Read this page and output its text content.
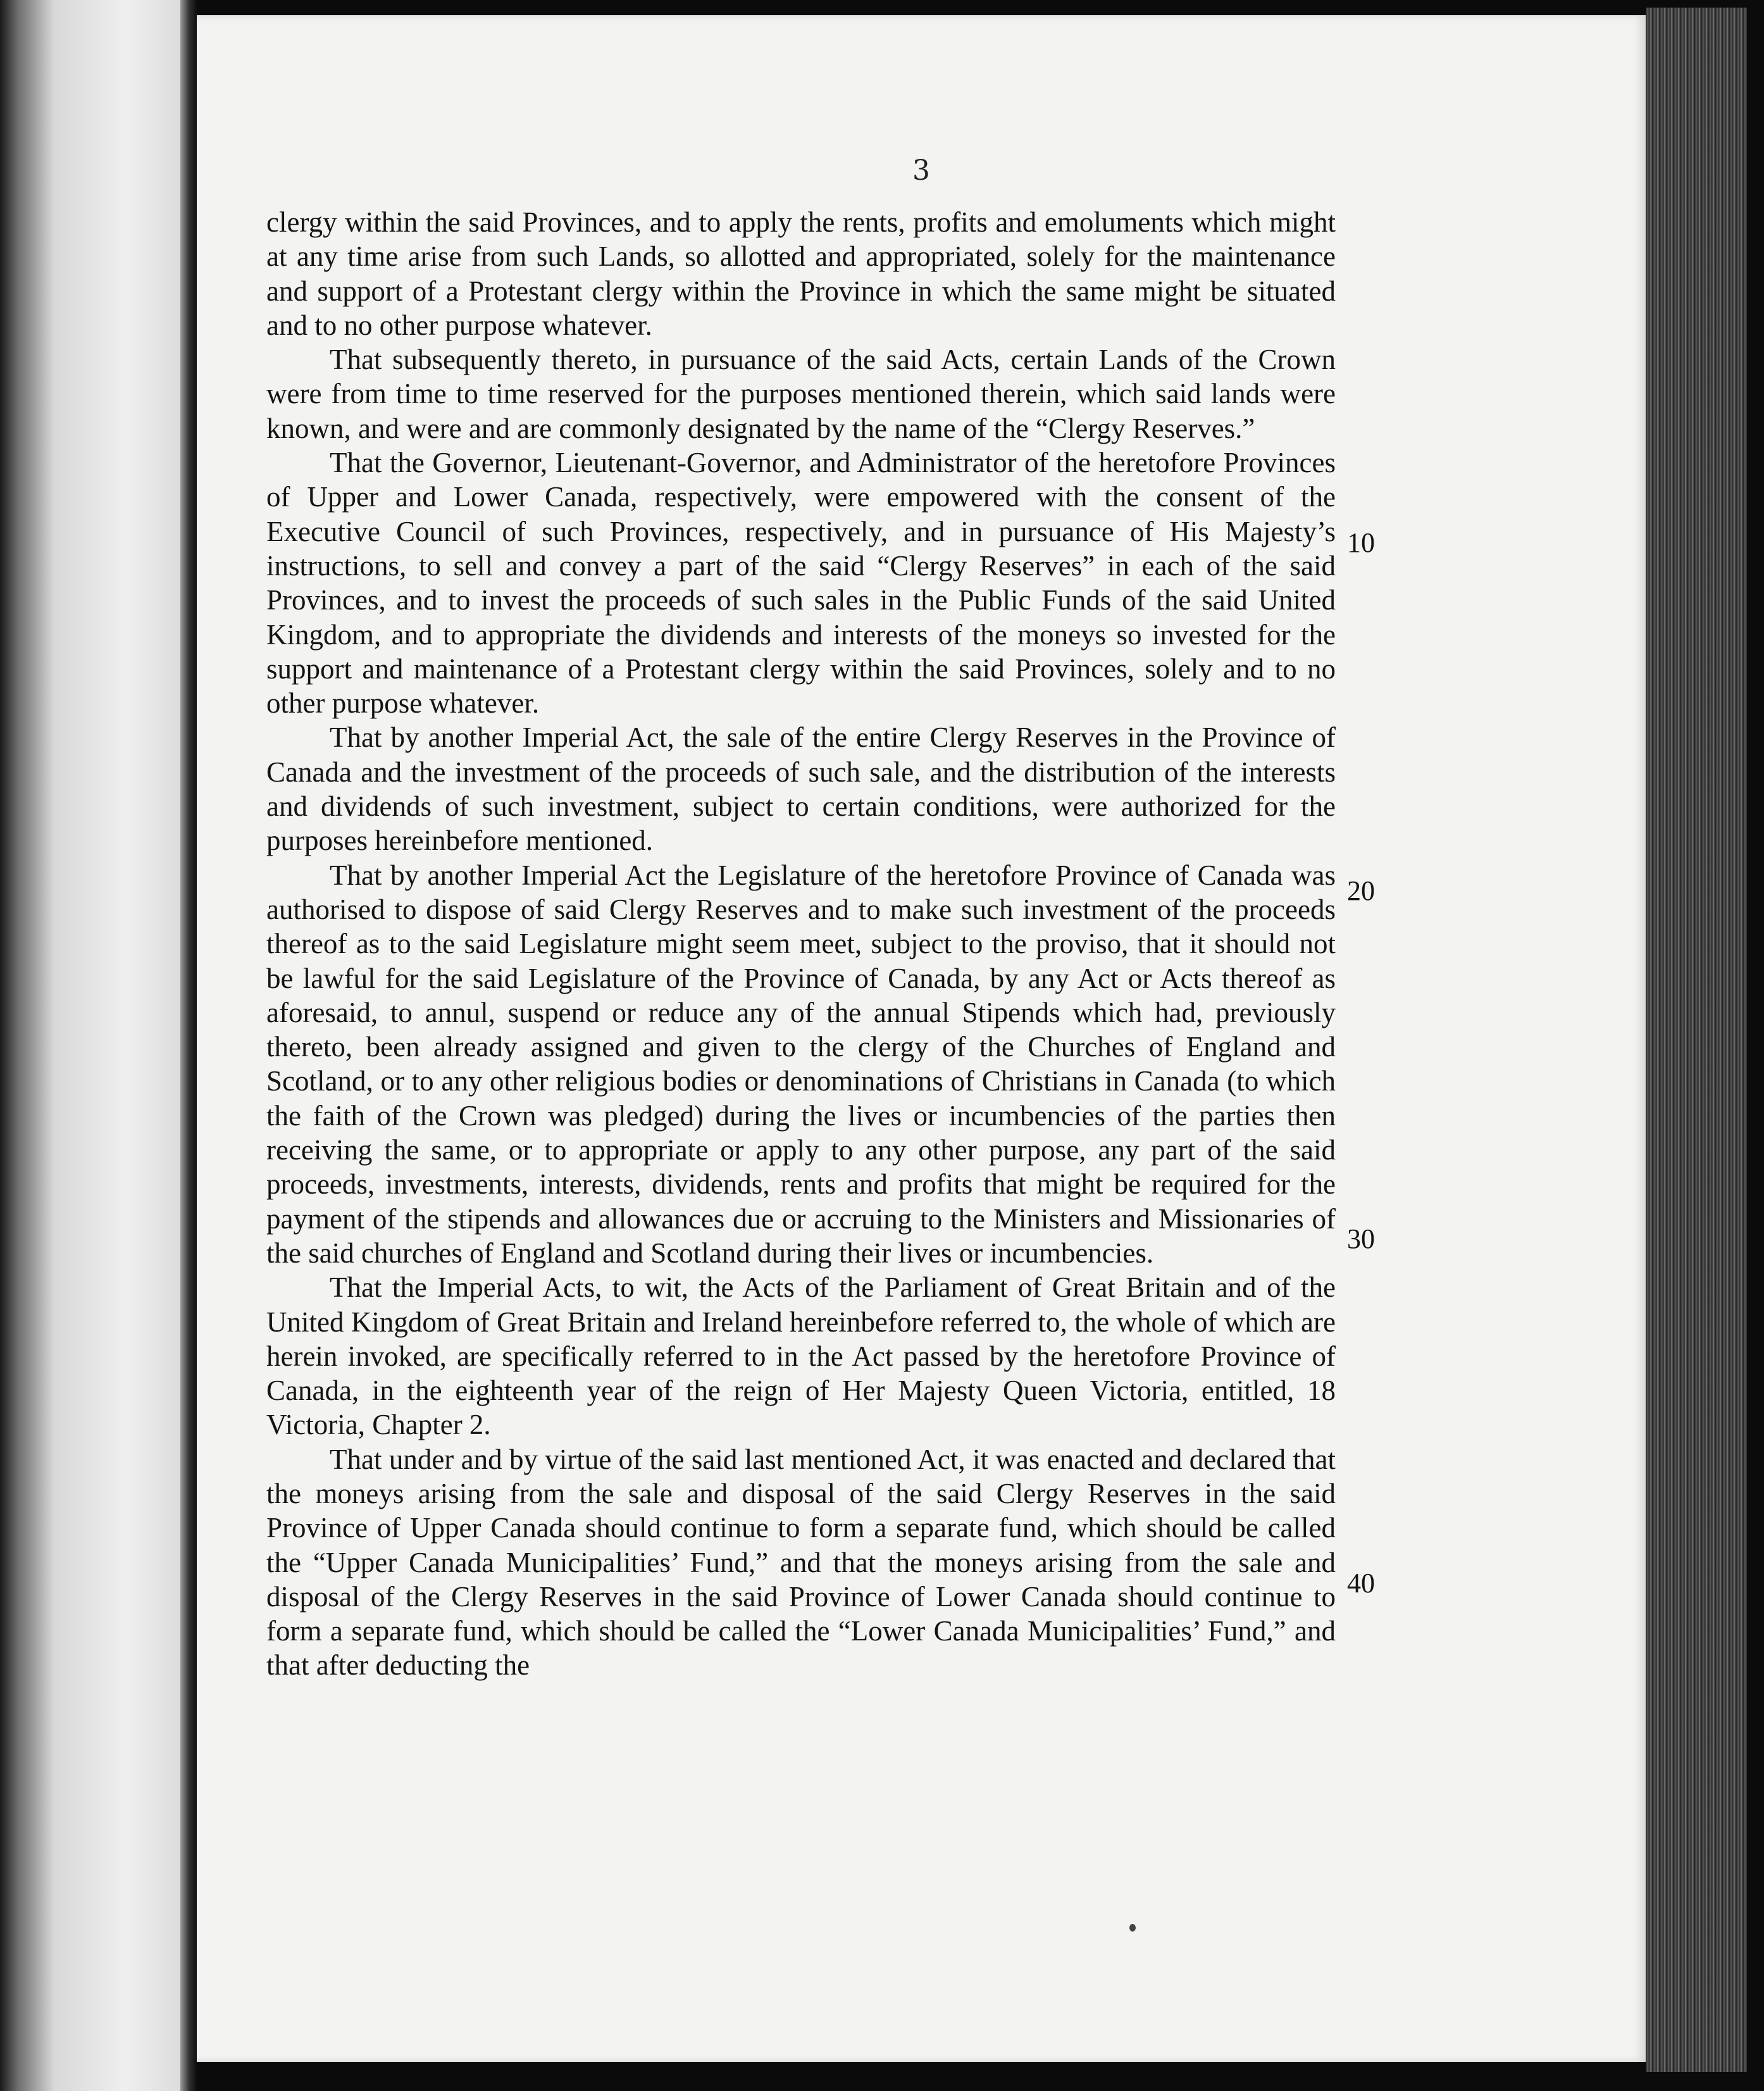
3

clergy within the said Provinces, and to apply the rents, profits and emoluments which might at any time arise from such Lands, so allotted and appropriated, solely for the maintenance and support of a Protestant clergy within the Province in which the same might be situated and to no other purpose whatever.

That subsequently thereto, in pursuance of the said Acts, certain Lands of the Crown were from time to time reserved for the purposes mentioned therein, which said lands were known, and were and are commonly designated by the name of the “Clergy Reserves.”

That the Governor, Lieutenant-Governor, and Administrator of the heretofore Provinces of Upper and Lower Canada, respectively, were empowered with the consent of the Executive Council of such Provinces, respectively, and in pursuance of His Majesty’s instructions, to sell and convey a part of the said “Clergy Reserves” in each of the said Provinces, and to invest the proceeds of such sales in the Public Funds of the said United Kingdom, and to appropriate the dividends and interests of the moneys so invested for the support and maintenance of a Protestant clergy within the said Provinces, solely and to no other purpose whatever.

That by another Imperial Act, the sale of the entire Clergy Reserves in the Province of Canada and the investment of the proceeds of such sale, and the distribution of the interests and dividends of such investment, subject to certain conditions, were authorized for the purposes hereinbefore mentioned.

That by another Imperial Act the Legislature of the heretofore Province of Canada was authorised to dispose of said Clergy Reserves and to make such investment of the proceeds thereof as to the said Legislature might seem meet, subject to the proviso, that it should not be lawful for the said Legislature of the Province of Canada, by any Act or Acts thereof as aforesaid, to annul, suspend or reduce any of the annual Stipends which had, previously thereto, been already assigned and given to the clergy of the Churches of England and Scotland, or to any other religious bodies or denominations of Christians in Canada (to which the faith of the Crown was pledged) during the lives or incumbencies of the parties then receiving the same, or to appropriate or apply to any other purpose, any part of the said proceeds, investments, interests, dividends, rents and profits that might be required for the payment of the stipends and allowances due or accruing to the Ministers and Missionaries of the said churches of England and Scotland during their lives or incumbencies.

That the Imperial Acts, to wit, the Acts of the Parliament of Great Britain and of the United Kingdom of Great Britain and Ireland hereinbefore referred to, the whole of which are herein invoked, are specifically referred to in the Act passed by the heretofore Province of Canada, in the eighteenth year of the reign of Her Majesty Queen Victoria, entitled, 18 Victoria, Chapter 2.

That under and by virtue of the said last mentioned Act, it was enacted and declared that the moneys arising from the sale and disposal of the said Clergy Reserves in the said Province of Upper Canada should continue to form a separate fund, which should be called the “Upper Canada Municipalities’ Fund,” and that the moneys arising from the sale and disposal of the Clergy Reserves in the said Province of Lower Canada should continue to form a separate fund, which should be called the “Lower Canada Municipalities’ Fund,” and that after deducting the

10
20
30
40
